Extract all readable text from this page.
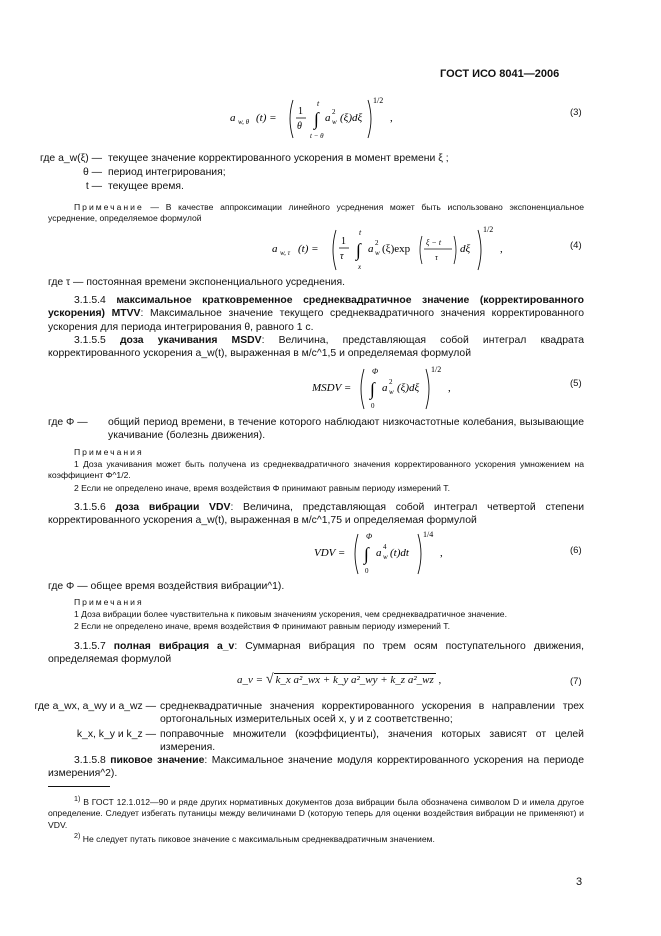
ГОСТ ИСО 8041—2006
a w, θ (t) =
1
θ ∫
t
t − θ
a w
2 (ξ)dξ
1/2
,	(3)
где a_w(ξ) — текущее значение корректированного ускорения в момент времени ξ ;
θ — период интегрирования;
t — текущее время.
Примечание — В качестве аппроксимации линейного усреднения может быть использовано экспоненциальное усреднение, определяемое формулой
a w, τ (t) =
1
τ ∫
t
x
a w
2 (ξ)exp
ξ − t
τ
dξ
1/2
,	(4)
где τ — постоянная времени экспоненциального усреднения.
3.1.5.4 максимальное кратковременное среднеквадратичное значение (корректированного ускорения) MTVV: Максимальное значение текущего среднеквадратичного значения корректированного ускорения для периода интегрирования θ, равного 1 с.
3.1.5.5 доза укачивания MSDV: Величина, представляющая собой интеграл квадрата корректированного ускорения a_w(t), выраженная в м/с^1,5 и определяемая формулой
MSDV = ∫
Φ
0
a w
2 (ξ)dξ
1/2
,	(5)
где Φ —	общий период времени, в течение которого наблюдают низкочастотные колебания, вызывающие укачивание (болезнь движения).
Примечания
1 Доза укачивания может быть получена из среднеквадратичного значения корректированного ускорения умножением на коэффициент Φ^1/2.
2 Если не определено иначе, время воздействия Φ принимают равным периоду измерений T.
3.1.5.6 доза вибрации VDV: Величина, представляющая собой интеграл четвертой степени корректированного ускорения a_w(t), выраженная в м/с^1,75 и определяемая формулой
VDV = ∫
Φ
0
a w
4 (t)dt
1/4
,	(6)
где Φ — общее время воздействия вибрации^1).
Примечания
1 Доза вибрации более чувствительна к пиковым значениям ускорения, чем среднеквадратичное значение.
2 Если не определено иначе, время воздействия Φ принимают равным периоду измерений T.
3.1.5.7 полная вибрация a_v: Суммарная вибрация по трем осям поступательного движения, определяемая формулой
a_v = √ k_x a²_wx + k_y a²_wy + k_z a²_wz ,	(7)
где a_wx, a_wy и a_wz — среднеквадратичные значения корректированного ускорения в направлении трех ортогональных измерительных осей x, y и z соответственно;
k_x, k_y и k_z — поправочные множители (коэффициенты), значения которых зависят от целей измерения.
3.1.5.8 пиковое значение: Максимальное значение модуля корректированного ускорения на периоде измерения^2).
$^{1)}$ В ГОСТ 12.1.012—90 и ряде других нормативных документов доза вибрации была обозначена символом D и имела другое определение. Следует избегать путаницы между величинами D (которую теперь для оценки воздействия вибрации не применяют) и VDV.
$^{2)}$ Не следует путать пиковое значение с максимальным среднеквадратичным значением.
3
